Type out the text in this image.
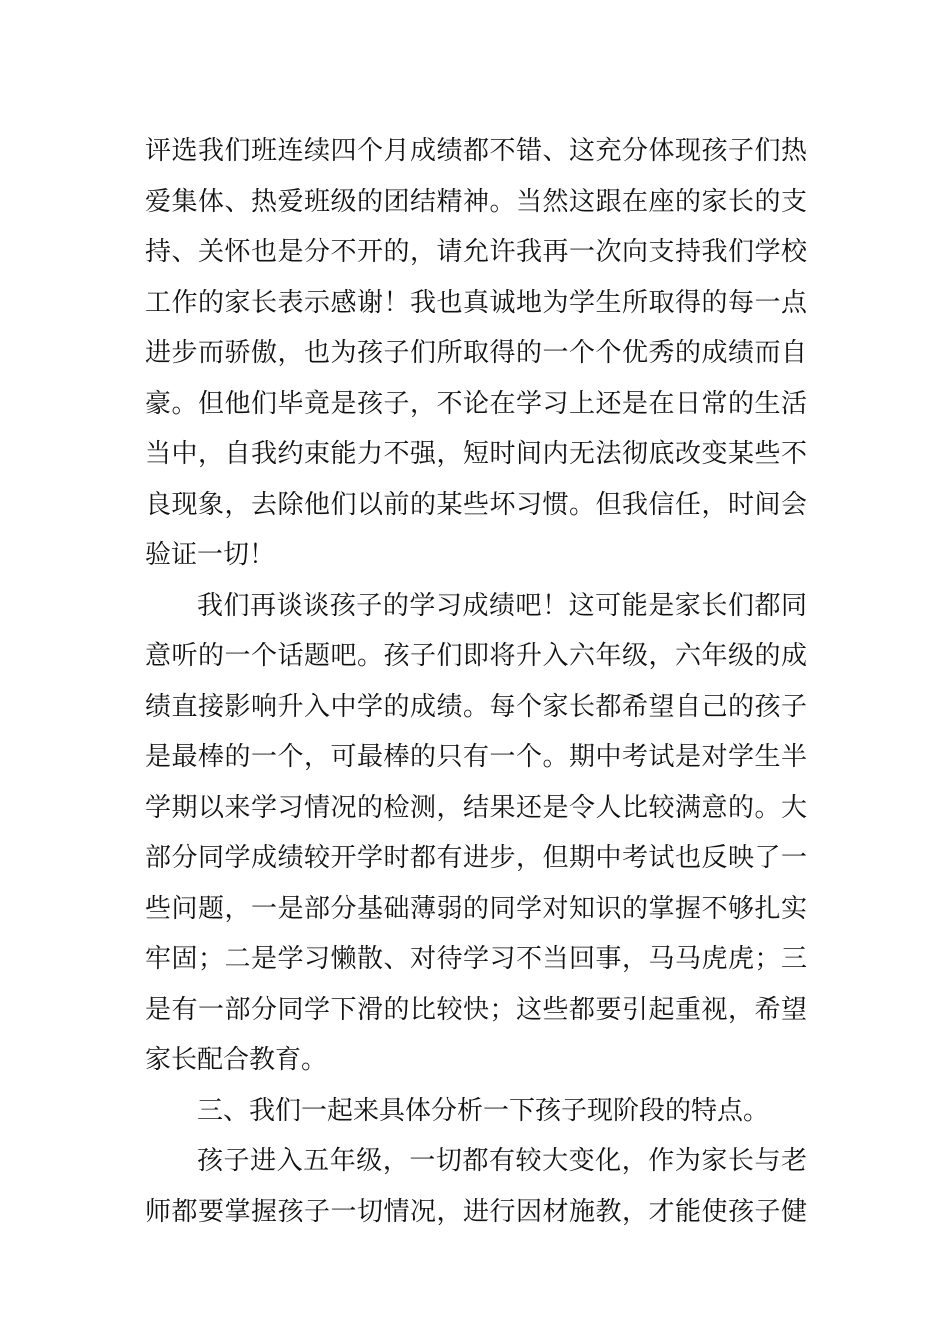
评选我们班连续四个月成绩都不错、这充分体现孩子们热
爱集体、热爱班级的团结精神。当然这跟在座的家长的支
持、关怀也是分不开的，请允许我再一次向支持我们学校
工作的家长表示感谢！我也真诚地为学生所取得的每一点
进步而骄傲，也为孩子们所取得的一个个优秀的成绩而自
豪。但他们毕竟是孩子，不论在学习上还是在日常的生活
当中，自我约束能力不强，短时间内无法彻底改变某些不
良现象，去除他们以前的某些坏习惯。但我信任，时间会
验证一切！
我们再谈谈孩子的学习成绩吧！这可能是家长们都同
意听的一个话题吧。孩子们即将升入六年级，六年级的成
绩直接影响升入中学的成绩。每个家长都希望自己的孩子
是最棒的一个，可最棒的只有一个。期中考试是对学生半
学期以来学习情况的检测，结果还是令人比较满意的。大
部分同学成绩较开学时都有进步，但期中考试也反映了一
些问题，一是部分基础薄弱的同学对知识的掌握不够扎实
牢固；二是学习懒散、对待学习不当回事，马马虎虎；三
是有一部分同学下滑的比较快；这些都要引起重视，希望
家长配合教育。
三、我们一起来具体分析一下孩子现阶段的特点。
孩子进入五年级，一切都有较大变化，作为家长与老
师都要掌握孩子一切情况，进行因材施教，才能使孩子健
